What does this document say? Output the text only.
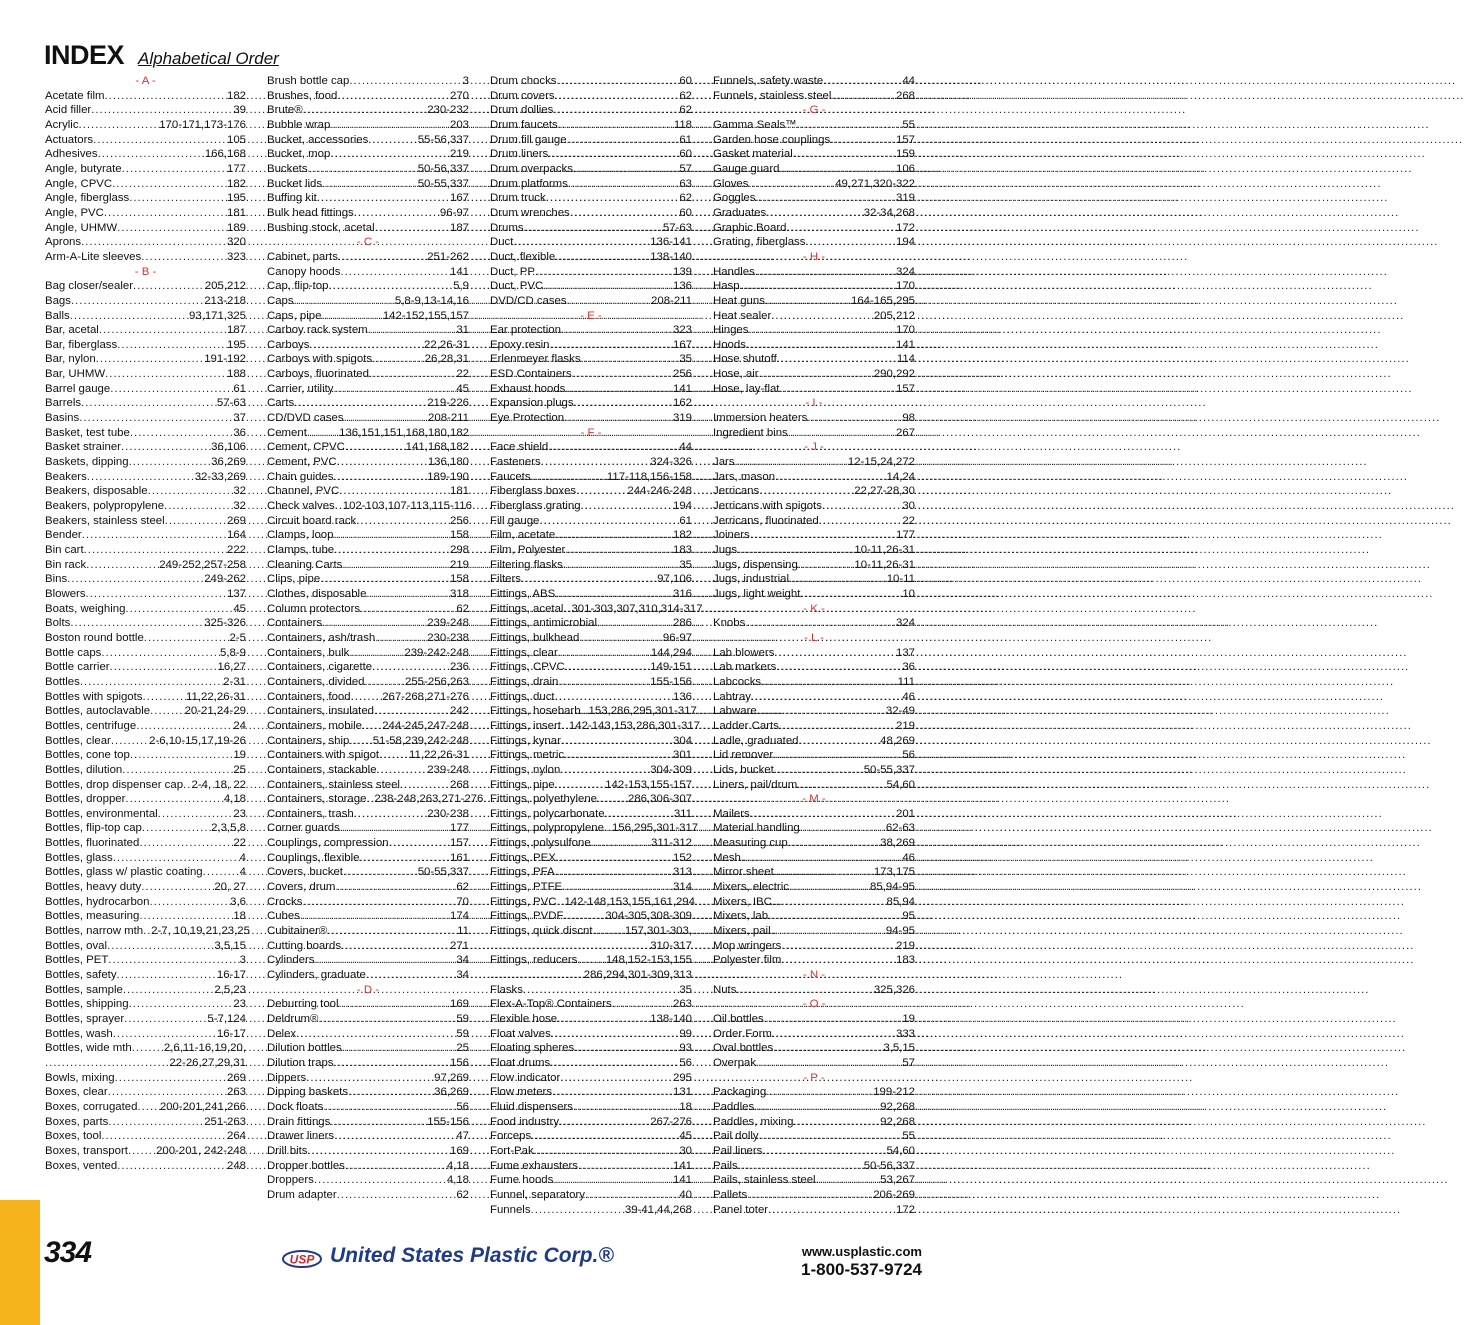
INDEX Alphabetical Order
- A -
Acetate film .....	182
Acid filler .....	39
Acrylic .....	170-171,173-176
Actuators .....	105
Adhesives .....	166,168
Angle, butyrate .....	177
Angle, CPVC .....	182
Angle, fiberglass .....	195
Angle, PVC .....	181
Angle, UHMW .....	189
Aprons .....	320
Arm-A-Lite sleeves .....	323
- B -
Bag closer/sealer .....	205,212
Bags .....	213-218
Balls .....	93,171,325
Bar, acetal .....	187
Bar, fiberglass .....	195
Bar, nylon .....	191-192
Bar, UHMW .....	188
Barrel gauge .....	61
Barrels .....	57-63
Basins .....	37
Basket, test tube .....	36
Basket strainer .....	36,106
Baskets, dipping .....	36,269
Beakers .....	32-33,269
Beakers, disposable .....	32
Beakers, polypropylene .....	32
Beakers, stainless steel .....	269
Bender .....	164
Bin cart .....	222
Bin rack .....	249-252,257-258
Bins .....	249-262
Blowers .....	137
Boats, weighing .....	45
Bolts .....	325-326
Boston round bottle .....	2-5
Bottle caps .....	5,8-9
Bottle carrier .....	16,27
Bottles .....	2-31
Bottles with spigots .....	11,22,26-31
Bottles, autoclavable .....	20-21,24-29
Bottles, centrifuge .....	24
Bottles, clear .....	2-6,10-15,17,19-26
Bottles, cone top .....	19
Bottles, dilution .....	25
Bottles, drop dispenser cap ..... 2-4, 18, 22
Bottles, dropper .....	4,18
Bottles, environmental .....	23
Bottles, flip-top cap .....	2,3,5,8
Bottles, fluorinated .....	22
Bottles, glass .....	4
Bottles, glass w/ plastic coating .....	4
Bottles, heavy duty .....	20, 27
Bottles, hydrocarbon .....	3,6
Bottles, measuring .....	18
Bottles, narrow mth ..... 2-7, 10,19,21,23,25
Bottles, oval .....	3,5,15
Bottles, PET .....	3
Bottles, safety .....	16-17
Bottles, sample .....	2,5,23
Bottles, shipping .....	23
Bottles, sprayer .....	5-7,124
Bottles, wash .....	16-17
Bottles, wide mth .....	2,6,11-16,19,20,
.....
22-26,27,29,31
Bowls, mixing .....	269
Boxes, clear .....	263
Boxes, corrugated ..... 200-201,241,266
Boxes, parts .....	251-263
Boxes, tool .....	264
Boxes, transport ..... 200-201, 242-248
Boxes, vented .....	248
Brush bottle cap .....	3
Brushes, food .....	270
Brute® .....	230-232
Bubble wrap .....	203
Bucket, accessories .....	55-56,337
Bucket, mop .....	219
Buckets .....	50-56,337
Bucket lids .....	50-55,337
Buffing kit .....	167
Bulk head fittings .....	96-97
Bushing stock, acetal .....	187
- C -
Cabinet, parts .....	251-262
Canopy hoods .....	141
Cap, flip-top .....	5,9
Caps .....	5,8-9,13-14,16
Caps, pipe .....	142-152,155,157
Carboy rack system .....	31
Carboys .....	22,26-31
Carboys with spigots .....	26,28,31
Carboys, fluorinated .....	22
Carrier, utility .....	45
Carts .....	219-226
CD/DVD cases .....	208-211
Cement .....	136,151,151,168,180,182
Cement, CPVC .....	141,168,182
Cement, PVC .....	136,180
Chain guides .....	189-190
Channel, PVC .....	181
Check valves ..... 102-103,107-113,115-116
Circuit board rack .....	256
Clamps, loop .....	158
Clamps, tube .....	298
Cleaning Carts .....	219
Clips, pipe .....	158
Clothes, disposable .....	318
Column protectors .....	62
Containers .....	239-248
Containers, ash/trash .....	230-238
Containers, bulk .....	239-242-248
Containers, cigarette .....	236
Containers, divided .....	255-256,263
Containers, food .....	267-268,271-276
Containers, insulated .....	242
Containers, mobile ..... 244-245,247-248
Containers, ship ..... 51-58,239,242-248
Containers with spigot .....	11,22,26-31
Containers, stackable .....	239-248
Containers, stainless steel .....	268
Containers, storage ..... 238-248,263,271-276
Containers, trash .....	230-238
Corner guards .....	177
Couplings, compression .....	157
Couplings, flexible .....	161
Covers, bucket .....	50-55,337
Covers, drum .....	62
Crocks .....	70
Cubes .....	174
Cubitainer® .....	11
Cutting boards .....	271
Cylinders .....	34
Cylinders, graduate .....	34
- D -
Deburring tool .....	169
Deldrum® .....	59
Delex .....	59
Dilution bottles .....	25
Dilution traps .....	156
Dippers .....	97,269
Dipping baskets .....	36,269
Dock floats .....	56
Drain fittings .....	155-156
Drawer liners .....	47
Drill bits .....	169
Dropper bottles .....	4,18
Droppers .....	4,18
Drum adapter .....	62
Drum chocks .....	60
Drum covers .....	62
Drum dollies .....	62
Drum faucets .....	118
Drum fill gauge .....	61
Drum liners .....	60
Drum overpacks .....	57
Drum platforms .....	63
Drum truck .....	62
Drum wrenches .....	60
Drums .....	57-63
Duct .....	136-141
Duct, flexible .....	138-140
Duct, PP .....	139
Duct, PVC .....	136
DVD/CD cases .....	208-211
- E -
Ear protection .....	323
Epoxy resin .....	167
Erlenmeyer flasks .....	35
ESD Containers .....	256
Exhaust hoods .....	141
Expansion plugs .....	162
Eye Protection .....	319
- F -
Face shield .....	44
Fasteners .....	324-326
Faucets .....	117-118,156-158
Fiberglass boxes .....	244-246-248
Fiberglass grating .....	194
Fill gauge .....	61
Film, acetate .....	182
Film, Polyester .....	183
Filtering flasks .....	35
Filters .....	97,106
Fittings, ABS .....	316
Fittings, acetal ..... 301-303,307,310,314-317
Fittings, antimicrobial .....	286
Fittings, bulkhead .....	96-97
Fittings, clear .....	144,294
Fittings, CPVC .....	149-151
Fittings, drain .....	155-156
Fittings, duct .....	136
Fittings, hosebarb ..... 153,286,295,301-317
Fittings, insert ..... 142-143,153,286,301-317
Fittings, kynar .....	304
Fittings, metric .....	301
Fittings, nylon .....	304-309
Fittings, pipe .....	142-153,155-157
Fittings, polyethylene .....	286,306-307
Fittings, polycarbonate .....	311
Fittings, polypropylene ..... 156,295,301-317
Fittings, polysulfone .....	311-312
Fittings, PEX .....	152
Fittings, PFA .....	313
Fittings, PTFE .....	314
Fittings, PVC ..... 142-148,153,155,161,294
Fittings, PVDF .....	304-305,308-309
Fittings, quick discnt. .....	157,301-303,
.....
310-317
Fittings, reducers ..... 148,152-153,155
.....
286,294,301-309,313
Flasks .....	35
Flex-A-Top® Containers .....	263
Flexible hose .....	138-140
Float valves .....	99
Floating spheres .....	93
Float drums .....	56
Flow indicator .....	295
Flow meters .....	131
Fluid dispensers .....	18
Food industry .....	267-276
Forceps .....	45
Fort-Pak .....	30
Fume exhausters .....	141
Fume hoods .....	141
Funnel, separatory .....	40
Funnels .....	39-41,44,268
Funnels, safety waste .....	44
Funnels, stainless steel .....	268
- G -
Gamma Seals™ .....	55
Garden hose couplings .....	157
Gasket material .....	159
Gauge guard .....	106
Gloves .....	49,271,320-322
Goggles .....	319
Graduates .....	32-34,268
Graphic Board .....	172
Grating, fiberglass .....	194
- H -
Handles .....	324
Hasp .....	170
Heat guns .....	164-165,295
Heat sealer .....	205,212
Hinges .....	170
Hoods .....	141
Hose shutoff .....	114
Hose, air .....	290,292
Hose, lay-flat .....	157
- I -
Immersion heaters .....	98
Ingredient bins .....	267
- J -
Jars .....	12-15,24,272
Jars, mason .....	14,24
Jerricans .....	22,27-28,30
Jerricans with spigots .....	30
Jerricans, fluorinated .....	22
Joiners .....	177
Jugs .....	10-11,26-31
Jugs, dispensing .....	10-11,26-31
Jugs, industrial .....	10-11
Jugs, light weight .....	10
- K -
Knobs .....	324
- L -
Lab blowers .....	137
Lab markers .....	36
Labcocks .....	111
Labtray .....	46
Labware .....	32-49
Ladder Carts .....	219
Ladle, graduated .....	48,269
Lid remover .....	56
Lids, bucket .....	50-55,337
Liners, pail/drum .....	54,60
- M -
Mailers .....	201
Material handling .....	62-63
Measuring cup .....	38,269
Mesh .....	46
Mirror sheet .....	173,175
Mixers, electric .....	85,94-95
Mixers, IBC .....	85,94
Mixers, lab .....	95
Mixers, pail .....	94-95
Mop wringers .....	219
Polyester film .....	183
- N -
Nuts .....	325,326
- O -
Oil bottles .....	19
Order Form .....	333
Oval bottles .....	3,5,15
Overpak .....	57
- P -
Packaging .....	199-212
Paddles .....	92,268
Paddles, mixing .....	92,268
Pail dolly .....	55
Pail liners .....	54,60
Pails .....	50-56,337
Pails, stainless steel .....	53,267
Pallets .....	206-269
Panel toter .....	172
334	USP United States Plastic Corp.®	www.usplastic.com
1-800-537-9724
